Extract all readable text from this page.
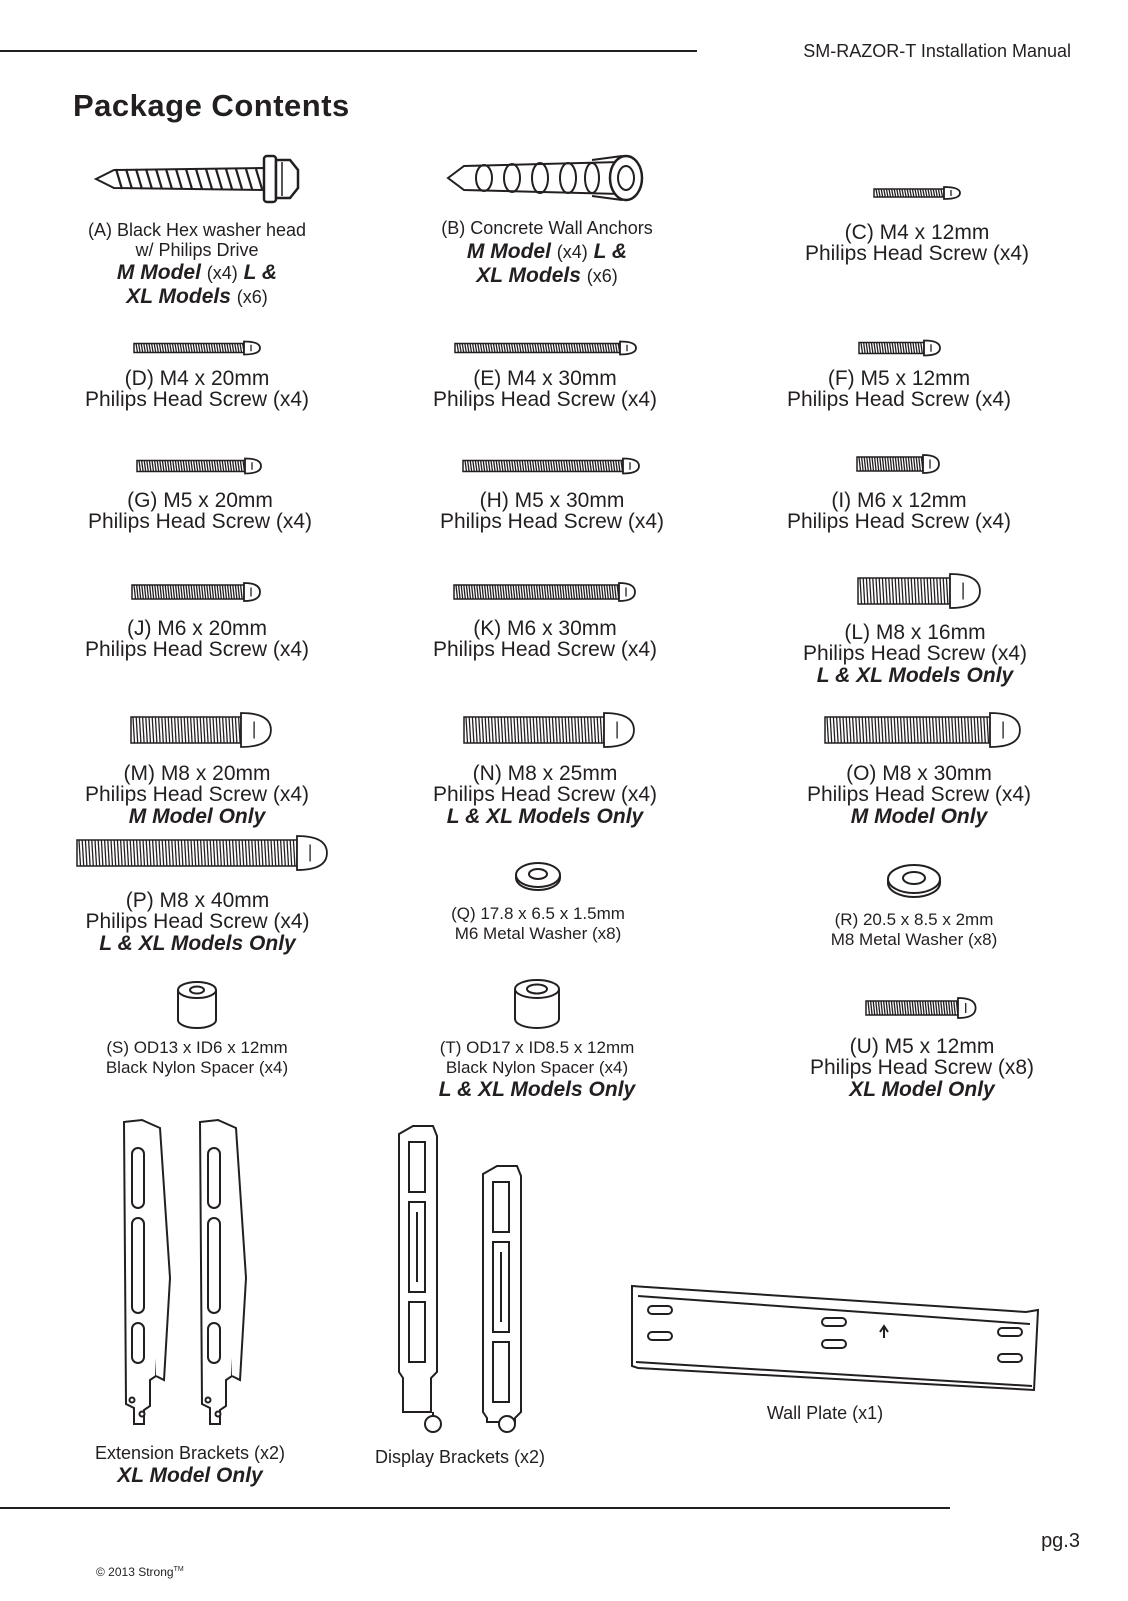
SM-RAZOR-T Installation Manual
Package Contents
(A) Black Hex washer head
w/ Philips Drive
M Model (x4) L &
XL Models (x6)
(B) Concrete Wall Anchors
M Model (x4) L &
XL Models (x6)
(C) M4 x 12mm
Philips Head Screw (x4)
(D) M4 x 20mm
Philips Head Screw (x4)
(E) M4 x 30mm
Philips Head Screw (x4)
(F) M5 x 12mm
Philips Head Screw (x4)
(G) M5 x 20mm
Philips Head Screw (x4)
(H) M5 x 30mm
Philips Head Screw (x4)
(I) M6 x 12mm
Philips Head Screw (x4)
(J) M6 x 20mm
Philips Head Screw (x4)
(K) M6 x 30mm
Philips Head Screw (x4)
(L) M8 x 16mm
Philips Head Screw (x4)
L & XL Models Only
(M) M8 x 20mm
Philips Head Screw (x4)
M Model Only
(N) M8 x 25mm
Philips Head Screw (x4)
L & XL Models Only
(O) M8 x 30mm
Philips Head Screw (x4)
M Model Only
(P) M8 x 40mm
Philips Head Screw (x4)
L & XL Models Only
(Q) 17.8 x 6.5 x 1.5mm
M6 Metal Washer (x8)
(R) 20.5 x 8.5 x 2mm
M8 Metal Washer (x8)
(S) OD13 x ID6 x 12mm
Black Nylon Spacer (x4)
(T) OD17 x ID8.5 x 12mm
Black Nylon Spacer (x4)
L & XL Models Only
(U) M5 x 12mm
Philips Head Screw (x8)
XL Model Only
Extension Brackets (x2)
XL Model Only
Display Brackets (x2)
Wall Plate (x1)
© 2013 Strong™
pg.3
